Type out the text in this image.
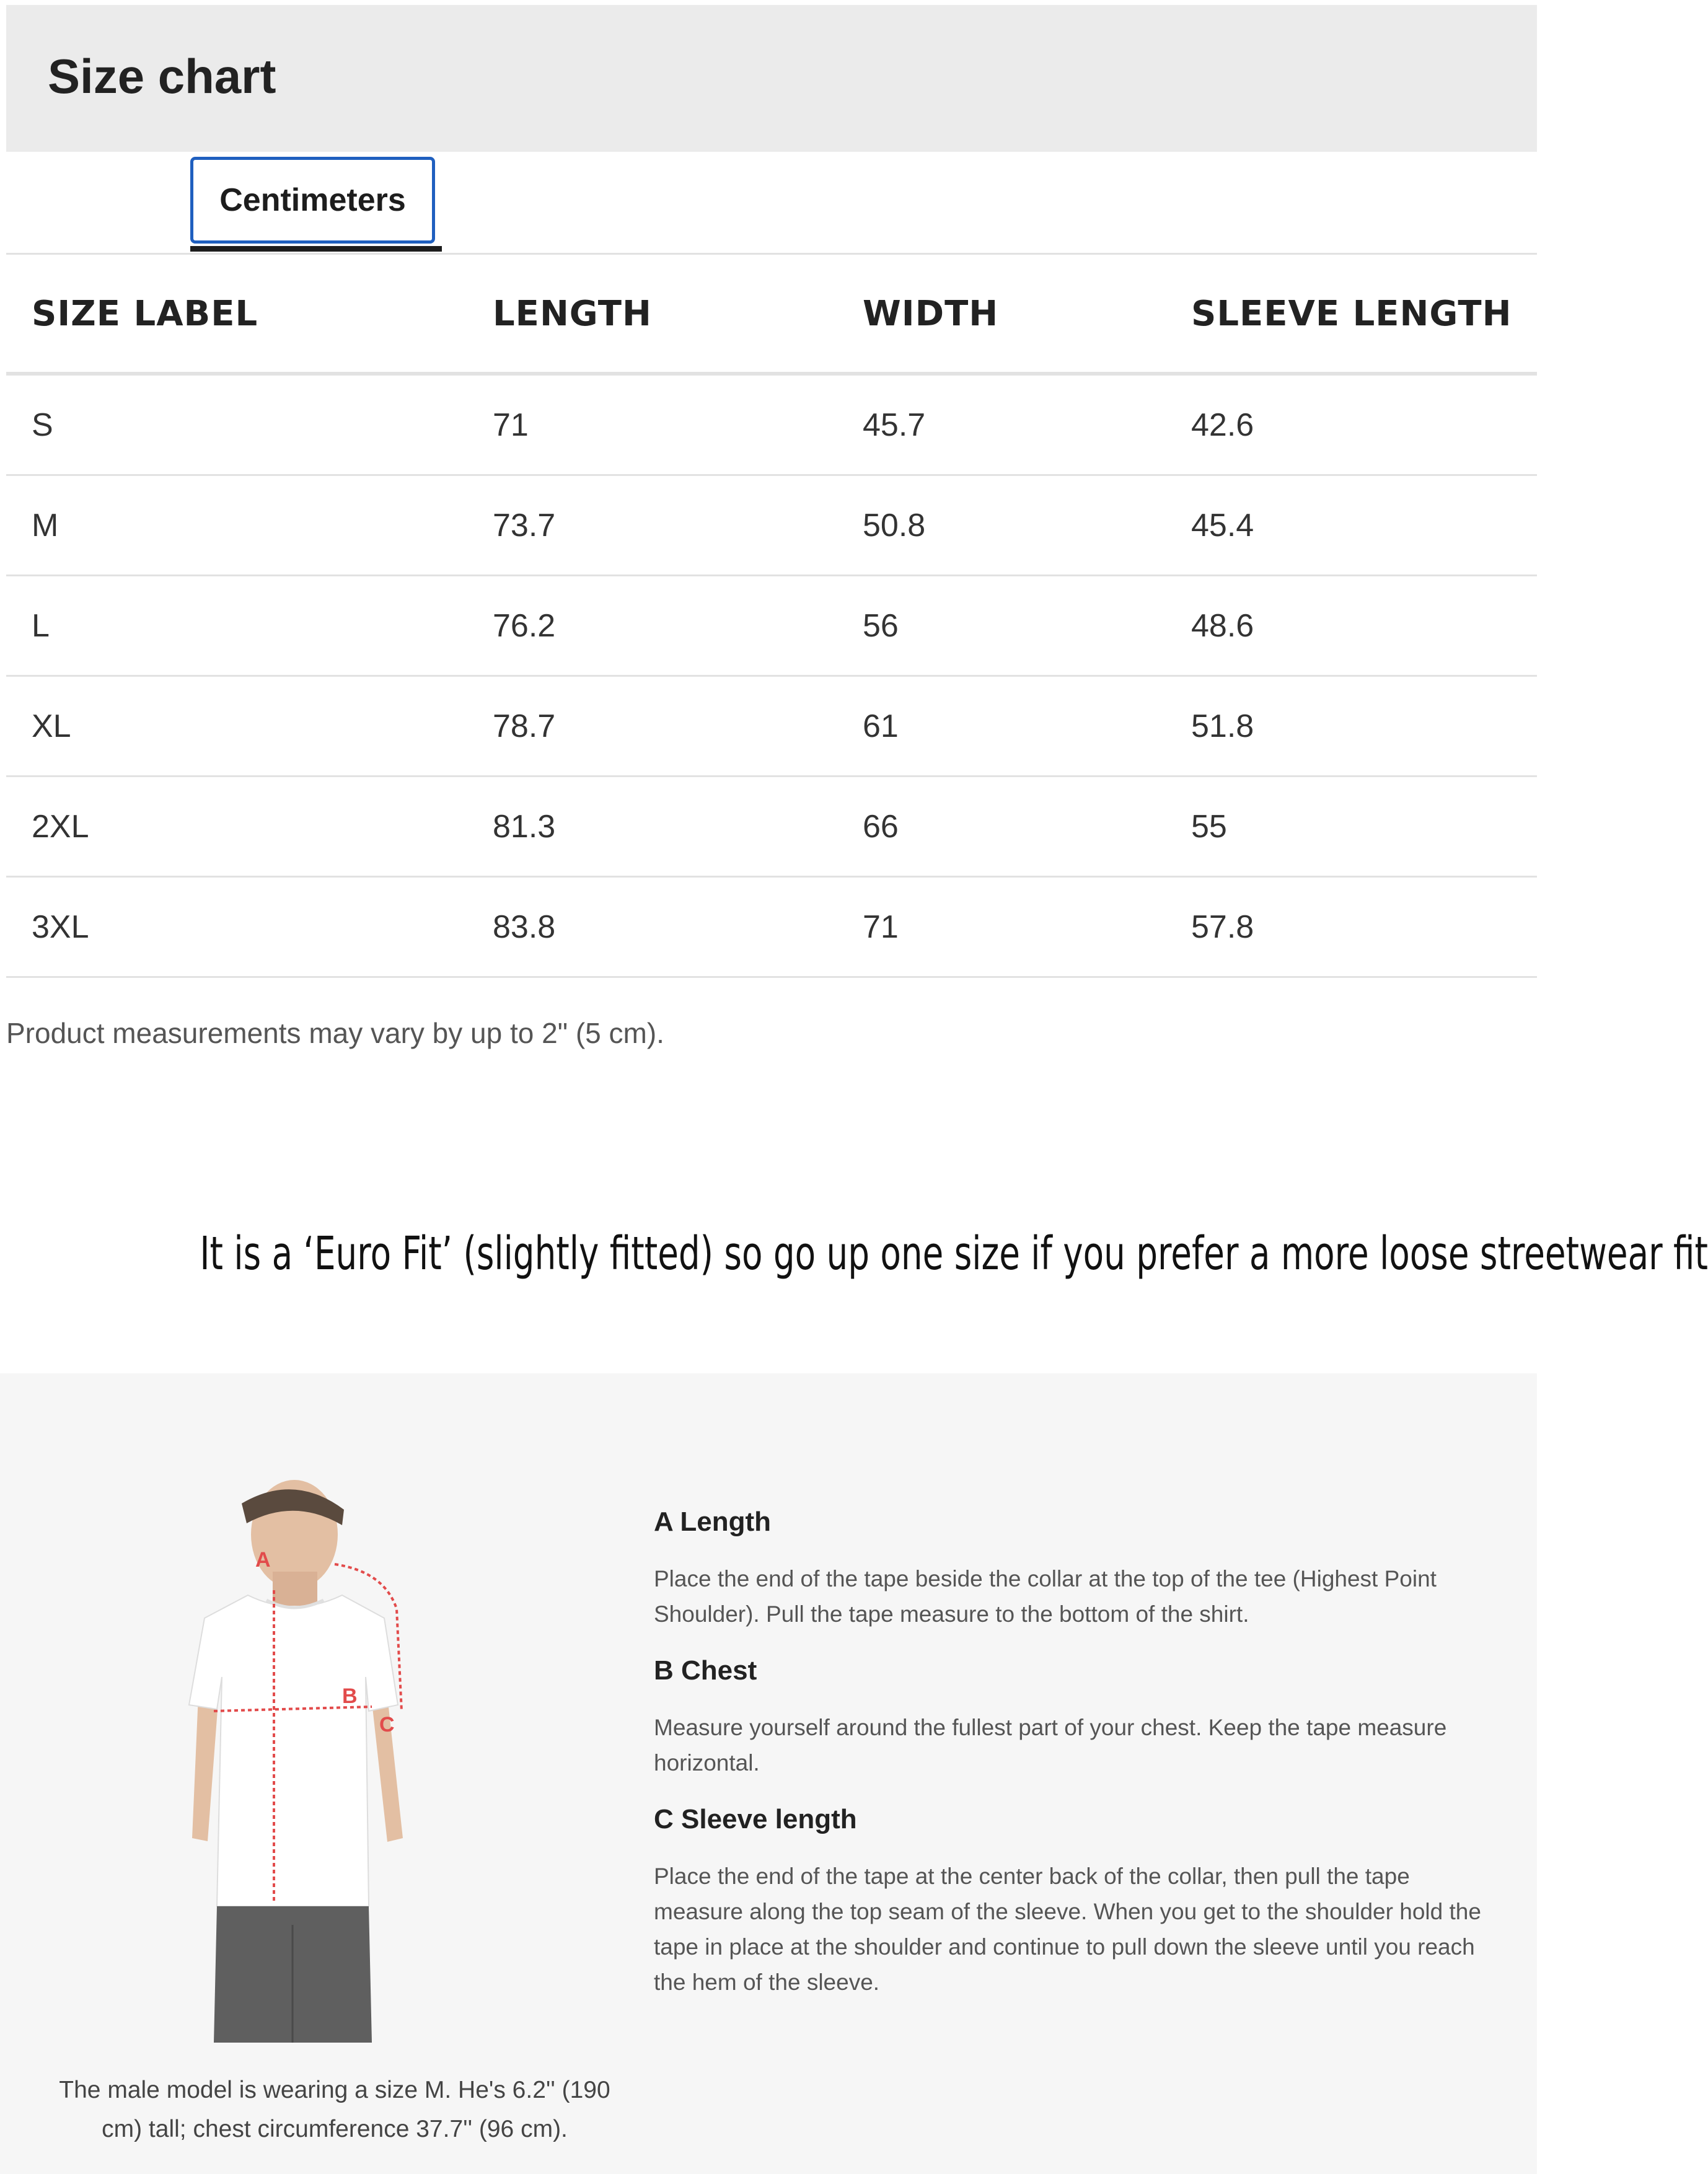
Size chart
Centimeters
SIZE LABEL	LENGTH	WIDTH	SLEEVE LENGTH
S	71	45.7	42.6
M	73.7	50.8	45.4
L	76.2	56	48.6
XL	78.7	61	51.8
2XL	81.3	66	55
3XL	83.8	71	57.8
Product measurements may vary by up to 2" (5 cm).
It is a ‘Euro Fit’ (slightly fitted) so go up one size if you prefer a more loose streetwear fit
A
B
C
The male model is wearing a size M. He's 6.2'' (190 cm) tall; chest circumference 37.7'' (96 cm).

A Length

Place the end of the tape beside the collar at the top of the tee (Highest Point Shoulder). Pull the tape measure to the bottom of the shirt.

B Chest

Measure yourself around the fullest part of your chest. Keep the tape measure horizontal.

C Sleeve length

Place the end of the tape at the center back of the collar, then pull the tape measure along the top seam of the sleeve. When you get to the shoulder hold the tape in place at the shoulder and continue to pull down the sleeve until you reach the hem of the sleeve.
